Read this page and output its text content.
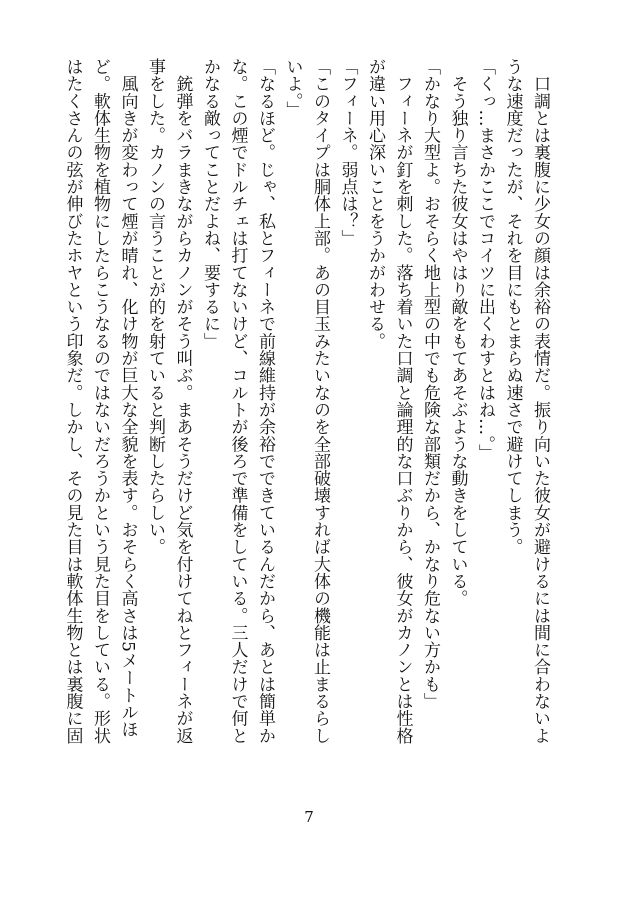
　口調とは裏腹に少女の顔は余裕の表情だ。振り向いた彼女が避けるには間に合わないよ
うな速度だったが、それを目にもとまらぬ速さで避けてしまう。
「くっ…まさかここでコイツに出くわすとはね…。」
　そう独り言ちた彼女はやはり敵をもてあそぶような動きをしている。
「かなり大型よ。おそらく地上型の中でも危険な部類だから、かなり危ない方かも」
　フィーネが釘を刺した。落ち着いた口調と論理的な口ぶりから、彼女がカノンとは性格
が違い用心深いことをうかがわせる。
「フィーネ。弱点は？」
「このタイプは胴体上部。あの目玉みたいなのを全部破壊すれば大体の機能は止まるらし
いよ。」
「なるほど。じゃ、私とフィーネで前線維持が余裕でできているんだから、あとは簡単か
な。この煙でドルチェは打てないけど、コルトが後ろで準備をしている。三人だけで何と
かなる敵ってことだよね、要するに」
　銃弾をバラまきながらカノンがそう叫ぶ。まあそうだけど気を付けてねとフィーネが返
事をした。カノンの言うことが的を射ていると判断したらしい。
　風向きが変わって煙が晴れ、化け物が巨大な全貌を表す。おそらく高さは5メートルほ
ど。軟体生物を植物にしたらこうなるのではないだろうかという見た目をしている。形状
はたくさんの弦が伸びたホヤという印象だ。しかし、その見た目は軟体生物とは裏腹に固
7
